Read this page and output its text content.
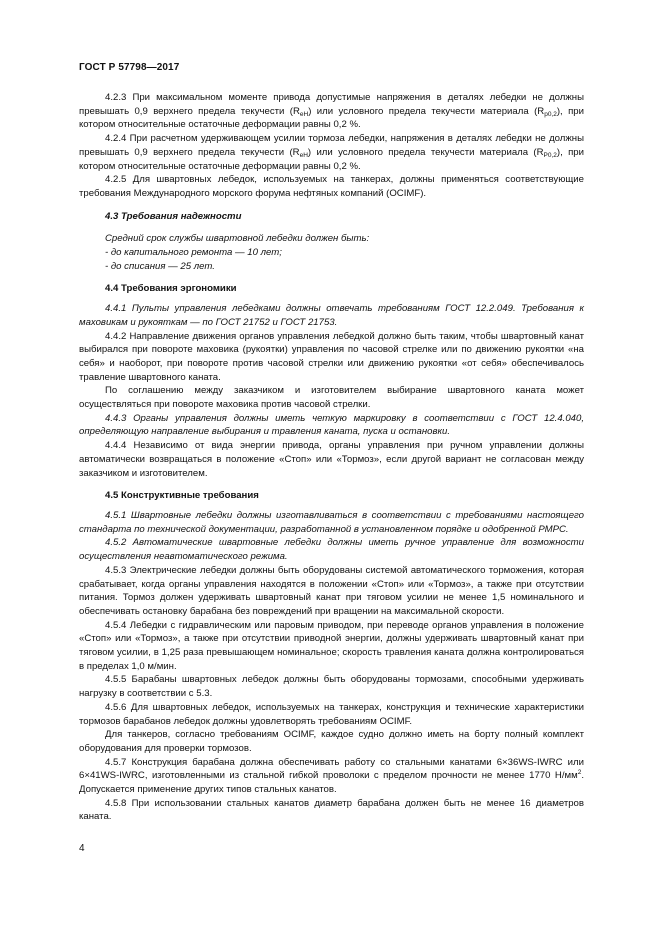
ГОСТ Р 57798—2017

4.2.3 При максимальном моменте привода допустимые напряжения в деталях лебедки не должны превышать 0,9 верхнего предела текучести $(R_{eH})$ или условного предела текучести материала $(R_{p0,2})$, при котором относительные остаточные деформации равны 0,2 %.

4.2.4 При расчетном удерживающем усилии тормоза лебедки, напряжения в деталях лебедки не должны превышать 0,9 верхнего предела текучести $(R_{eH})$ или условного предела текучести материала $(R_{P0,2})$, при котором относительные остаточные деформации равны 0,2 %.

4.2.5 Для швартовных лебедок, используемых на танкерах, должны применяться соответствующие требования Международного морского форума нефтяных компаний (OCIMF).

4.3 Требования надежности

Средний срок службы швартовной лебедки должен быть:

- до капитального ремонта — 10 лет;

- до списания — 25 лет.

4.4 Требования эргономики

4.4.1 Пульты управления лебедками должны отвечать требованиям ГОСТ 12.2.049. Требования к маховикам и рукояткам — по ГОСТ 21752 и ГОСТ 21753.

4.4.2 Направление движения органов управления лебедкой должно быть таким, чтобы швартовный канат выбирался при повороте маховика (рукоятки) управления по часовой стрелке или по движению рукоятки «на себя» и наоборот, при повороте против часовой стрелки или движению рукоятки «от себя» обеспечивалось травление швартовного каната.

По соглашению между заказчиком и изготовителем выбирание швартовного каната может осуществляться при повороте маховика против часовой стрелки.

4.4.3 Органы управления должны иметь четкую маркировку в соответствии с ГОСТ 12.4.040, определяющую направление выбирания и травления каната, пуска и остановки.

4.4.4 Независимо от вида энергии привода, органы управления при ручном управлении должны автоматически возвращаться в положение «Стоп» или «Тормоз», если другой вариант не согласован между заказчиком и изготовителем.

4.5 Конструктивные требования

4.5.1 Швартовные лебедки должны изготавливаться в соответствии с требованиями настоящего стандарта по технической документации, разработанной в установленном порядке и одобренной РМРС.

4.5.2 Автоматические швартовные лебедки должны иметь ручное управление для возможности осуществления неавтоматического режима.

4.5.3 Электрические лебедки должны быть оборудованы системой автоматического торможения, которая срабатывает, когда органы управления находятся в положении «Стоп» или «Тормоз», а также при отсутствии питания. Тормоз должен удерживать швартовный канат при тяговом усилии не менее 1,5 номинального и обеспечивать остановку барабана без повреждений при вращении на максимальной скорости.

4.5.4 Лебедки с гидравлическим или паровым приводом, при переводе органов управления в положение «Стоп» или «Тормоз», а также при отсутствии приводной энергии, должны удерживать швартовный канат при тяговом усилии, в 1,25 раза превышающем номинальное; скорость травления каната должна контролироваться в пределах 1,0 м/мин.

4.5.5 Барабаны швартовных лебедок должны быть оборудованы тормозами, способными удерживать нагрузку в соответствии с 5.3.

4.5.6 Для швартовных лебедок, используемых на танкерах, конструкция и технические характеристики тормозов барабанов лебедок должны удовлетворять требованиям OCIMF.

Для танкеров, согласно требованиям OCIMF, каждое судно должно иметь на борту полный комплект оборудования для проверки тормозов.

4.5.7 Конструкция барабана должна обеспечивать работу со стальными канатами 6×36WS-IWRC или 6×41WS-IWRC, изготовленными из стальной гибкой проволоки с пределом прочности не менее 1770 $Н/мм^2$. Допускается применение других типов стальных канатов.

4.5.8 При использовании стальных канатов диаметр барабана должен быть не менее 16 диаметров каната.

4
